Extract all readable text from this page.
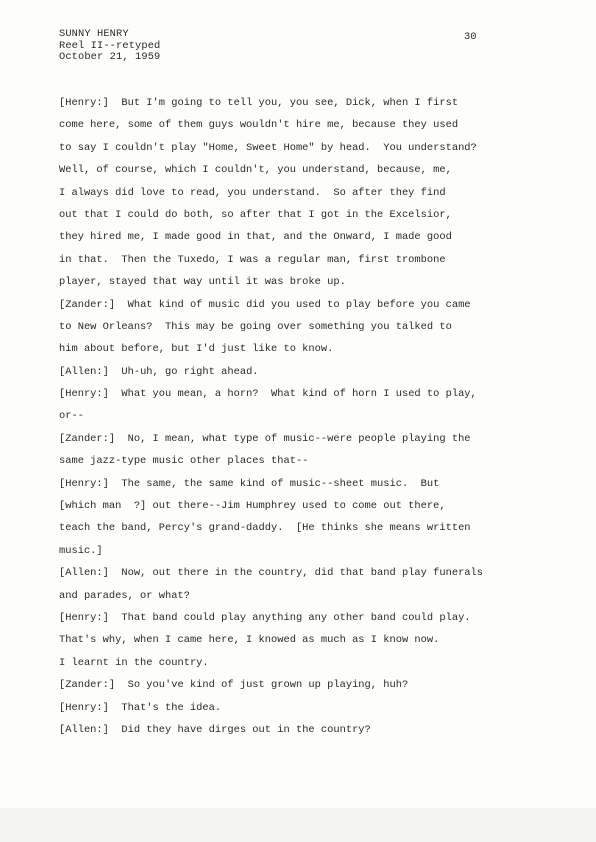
SUNNY HENRY
Reel II--retyped
October 21, 1959
30
[Henry:]  But I'm going to tell you, you see, Dick, when I first
come here, some of them guys wouldn't hire me, because they used
to say I couldn't play "Home, Sweet Home" by head.  You understand?
Well, of course, which I couldn't, you understand, because, me,
I always did love to read, you understand.  So after they find
out that I could do both, so after that I got in the Excelsior,
they hired me, I made good in that, and the Onward, I made good
in that.  Then the Tuxedo, I was a regular man, first trombone
player, stayed that way until it was broke up.
[Zander:]  What kind of music did you used to play before you came
to New Orleans?  This may be going over something you talked to
him about before, but I'd just like to know.
[Allen:]  Uh-uh, go right ahead.
[Henry:]  What you mean, a horn?  What kind of horn I used to play,
or--
[Zander:]  No, I mean, what type of music--were people playing the
same jazz-type music other places that--
[Henry:]  The same, the same kind of music--sheet music.  But
[which man  ?] out there--Jim Humphrey used to come out there,
teach the band, Percy's grand-daddy.  [He thinks she means written
music.]
[Allen:]  Now, out there in the country, did that band play funerals
and parades, or what?
[Henry:]  That band could play anything any other band could play.
That's why, when I came here, I knowed as much as I know now.
I learnt in the country.
[Zander:]  So you've kind of just grown up playing, huh?
[Henry:]  That's the idea.
[Allen:]  Did they have dirges out in the country?
